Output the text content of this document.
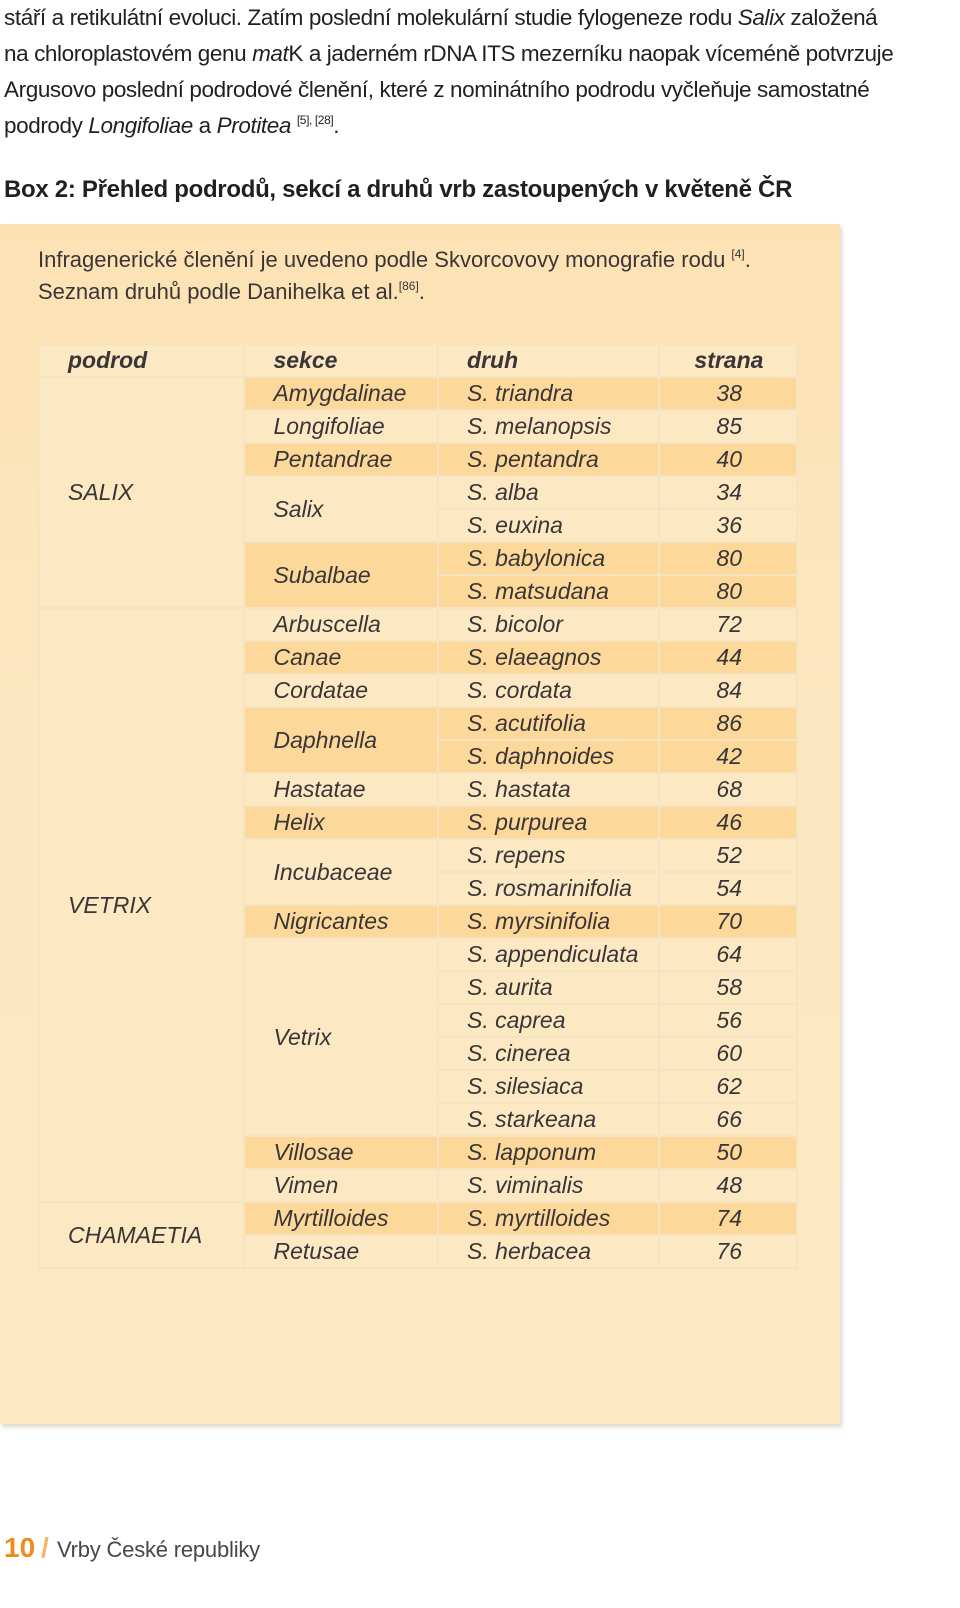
stáří a retikulátní evoluci. Zatím poslední molekulární studie fylogeneze rodu Salix založená
na chloroplastovém genu matK a jaderném rDNA ITS mezerníku naopak víceméně potvrzuje
Argusovo poslední podrodové členění, které z nominátního podrodu vyčleňuje samostatné
podrody Longifoliae a Protitea [5], [28].

Box 2: Přehled podrodů, sekcí a druhů vrb zastoupených v květeně ČR

Infragenerické členění je uvedeno podle Skvorcovovy monografie rodu [4].
Seznam druhů podle Danihelka et al.[86].

podrod	sekce	druh	strana
SALIX	Amygdalinae	S. triandra	38
	Longifoliae	S. melanopsis	85
	Pentandrae	S. pentandra	40
	Salix	S. alba	34
		S. euxina	36
	Subalbae	S. babylonica	80
		S. matsudana	80
VETRIX	Arbuscella	S. bicolor	72
	Canae	S. elaeagnos	44
	Cordatae	S. cordata	84
	Daphnella	S. acutifolia	86
		S. daphnoides	42
	Hastatae	S. hastata	68
	Helix	S. purpurea	46
	Incubaceae	S. repens	52
		S. rosmarinifolia	54
	Nigricantes	S. myrsinifolia	70
	Vetrix	S. appendiculata	64
		S. aurita	58
		S. caprea	56
		S. cinerea	60
		S. silesiaca	62
		S. starkeana	66
	Villosae	S. lapponum	50
	Vimen	S. viminalis	48
CHAMAETIA	Myrtilloides	S. myrtilloides	74
	Retusae	S. herbacea	76
10 / Vrby České republiky
